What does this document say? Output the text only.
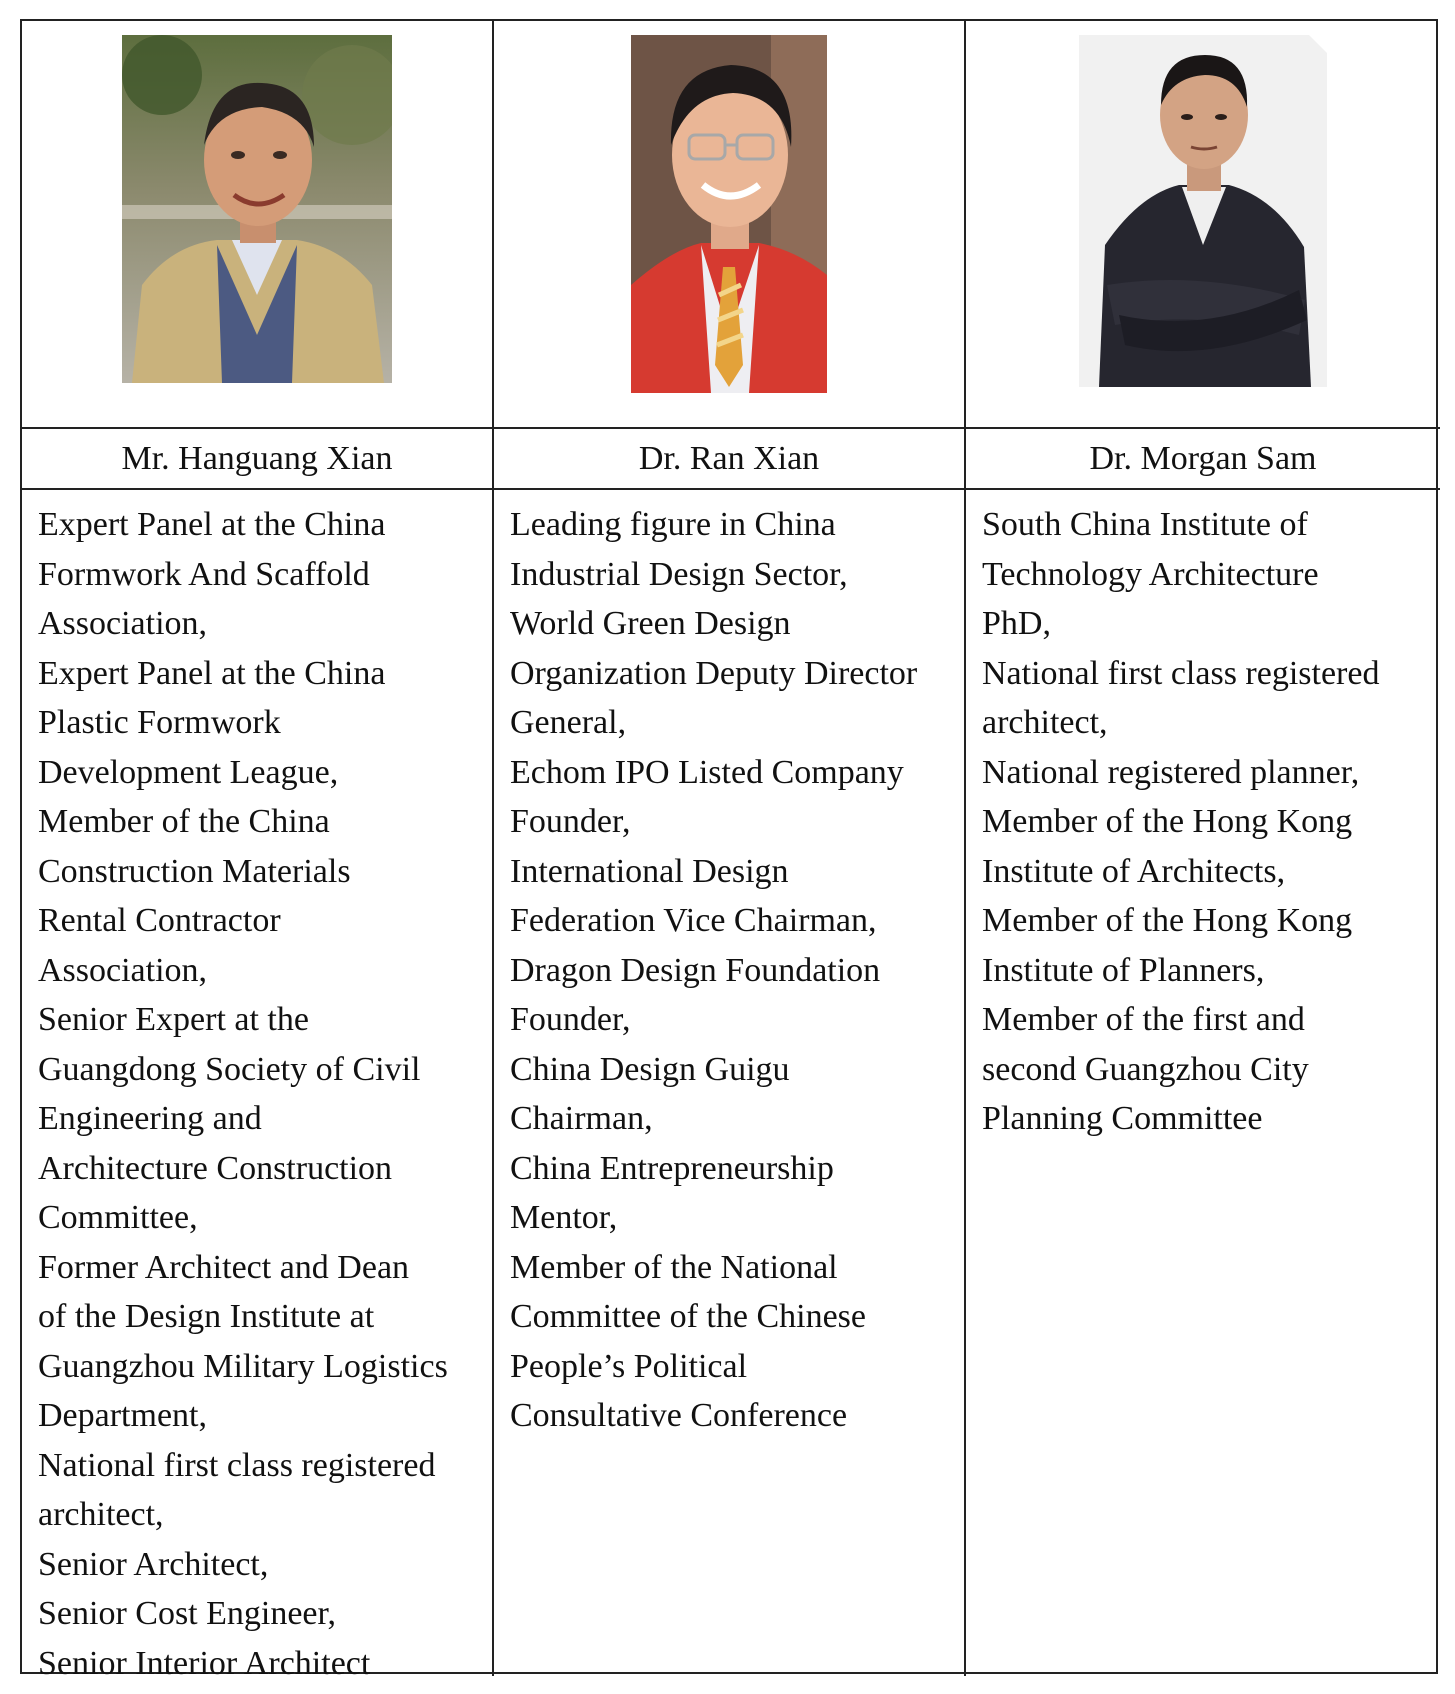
Mr. Hanguang Xian	Dr. Ran Xian	Dr. Morgan Sam
Expert Panel at the China
Formwork And Scaffold
Association,
Expert Panel at the China
Plastic Formwork
Development League,
Member of the China
Construction Materials
Rental Contractor
Association,
Senior Expert at the
Guangdong Society of Civil
Engineering and
Architecture Construction
Committee,
Former Architect and Dean
of the Design Institute at
Guangzhou Military Logistics
Department,
National first class registered
architect,
Senior Architect,
Senior Cost Engineer,
Senior Interior Architect
Leading figure in China
Industrial Design Sector,
World Green Design
Organization Deputy Director
General,
Echom IPO Listed Company
Founder,
International Design
Federation Vice Chairman,
Dragon Design Foundation
Founder,
China Design Guigu
Chairman,
China Entrepreneurship
Mentor,
Member of the National
Committee of the Chinese
People’s Political
Consultative Conference
South China Institute of
Technology Architecture
PhD,
National first class registered
architect,
National registered planner,
Member of the Hong Kong
Institute of Architects,
Member of the Hong Kong
Institute of Planners,
Member of the first and
second Guangzhou City
Planning Committee
